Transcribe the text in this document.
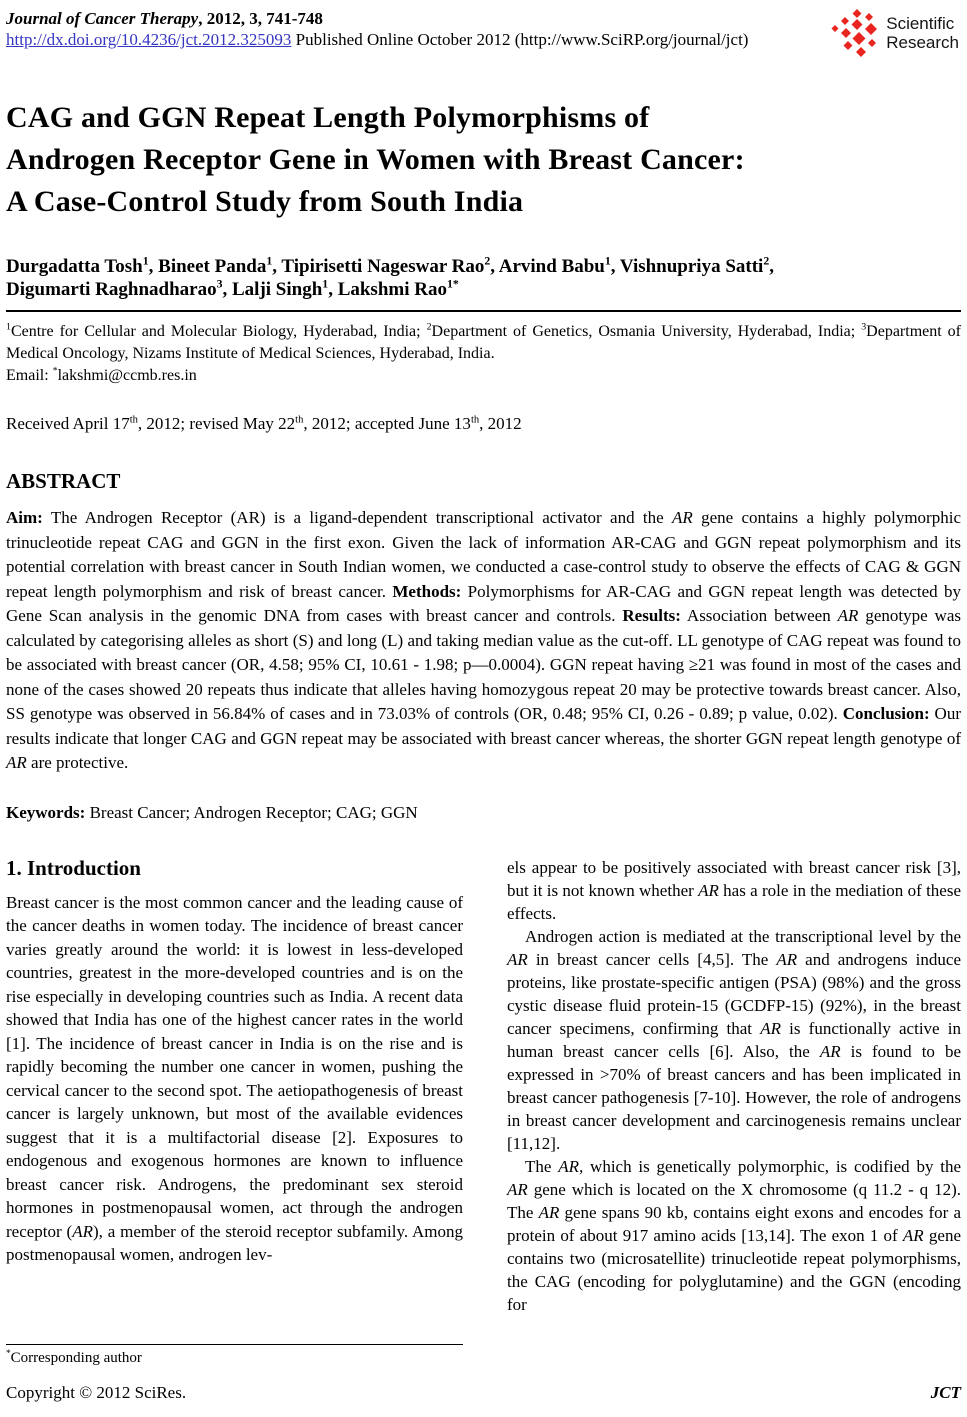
Journal of Cancer Therapy, 2012, 3, 741-748
http://dx.doi.org/10.4236/jct.2012.325093 Published Online October 2012 (http://www.SciRP.org/journal/jct)
Scientific
Research
CAG and GGN Repeat Length Polymorphisms of
Androgen Receptor Gene in Women with Breast Cancer:
A Case-Control Study from South India
Durgadatta Tosh$^1$, Bineet Panda$^1$, Tipirisetti Nageswar Rao$^2$, Arvind Babu$^1$, Vishnupriya Satti$^2$,
Digumarti Raghnadharao$^3$, Lalji Singh$^1$, Lakshmi Rao$^{1*}$
$^1$Centre for Cellular and Molecular Biology, Hyderabad, India; $^2$Department of Genetics, Osmania University, Hyderabad, India; $^3$Department of Medical Oncology, Nizams Institute of Medical Sciences, Hyderabad, India.
Email: *lakshmi@ccmb.res.in
Received April 17th, 2012; revised May 22th, 2012; accepted June 13th, 2012
ABSTRACT

Aim: The Androgen Receptor (AR) is a ligand-dependent transcriptional activator and the AR gene contains a highly polymorphic trinucleotide repeat CAG and GGN in the first exon. Given the lack of information AR-CAG and GGN repeat polymorphism and its potential correlation with breast cancer in South Indian women, we conducted a case-control study to observe the effects of CAG & GGN repeat length polymorphism and risk of breast cancer. Methods: Polymorphisms for AR-CAG and GGN repeat length was detected by Gene Scan analysis in the genomic DNA from cases with breast cancer and controls. Results: Association between AR genotype was calculated by categorising alleles as short (S) and long (L) and taking median value as the cut-off. LL genotype of CAG repeat was found to be associated with breast cancer (OR, 4.58; 95% CI, 10.61 - 1.98; p—0.0004). GGN repeat having ≥21 was found in most of the cases and none of the cases showed 20 repeats thus indicate that alleles having homozygous repeat 20 may be protective towards breast cancer. Also, SS genotype was observed in 56.84% of cases and in 73.03% of controls (OR, 0.48; 95% CI, 0.26 - 0.89; p value, 0.02). Conclusion: Our results indicate that longer CAG and GGN repeat may be associated with breast cancer whereas, the shorter GGN repeat length genotype of AR are protective.

Keywords: Breast Cancer; Androgen Receptor; CAG; GGN

1. Introduction

Breast cancer is the most common cancer and the leading cause of the cancer deaths in women today. The incidence of breast cancer varies greatly around the world: it is lowest in less-developed countries, greatest in the more-developed countries and is on the rise especially in developing countries such as India. A recent data showed that India has one of the highest cancer rates in the world [1]. The incidence of breast cancer in India is on the rise and is rapidly becoming the number one cancer in women, pushing the cervical cancer to the second spot. The aetiopathogenesis of breast cancer is largely unknown, but most of the available evidences suggest that it is a multifactorial disease [2]. Exposures to endogenous and exogenous hormones are known to influence breast cancer risk. Androgens, the predominant sex steroid hormones in postmenopausal women, act through the androgen receptor (AR), a member of the steroid receptor subfamily. Among postmenopausal women, androgen lev-

*Corresponding author

els appear to be positively associated with breast cancer risk [3], but it is not known whether AR has a role in the mediation of these effects.

Androgen action is mediated at the transcriptional level by the AR in breast cancer cells [4,5]. The AR and androgens induce proteins, like prostate-specific antigen (PSA) (98%) and the gross cystic disease fluid protein-15 (GCDFP-15) (92%), in the breast cancer specimens, confirming that AR is functionally active in human breast cancer cells [6]. Also, the AR is found to be expressed in >70% of breast cancers and has been implicated in breast cancer pathogenesis [7-10]. However, the role of androgens in breast cancer development and carcinogenesis remains unclear [11,12].

The AR, which is genetically polymorphic, is codified by the AR gene which is located on the X chromosome (q 11.2 - q 12). The AR gene spans 90 kb, contains eight exons and encodes for a protein of about 917 amino acids [13,14]. The exon 1 of AR gene contains two (microsatellite) trinucleotide repeat polymorphisms, the CAG (encoding for polyglutamine) and the GGN (encoding for

Copyright © 2012 SciRes.	JCT
